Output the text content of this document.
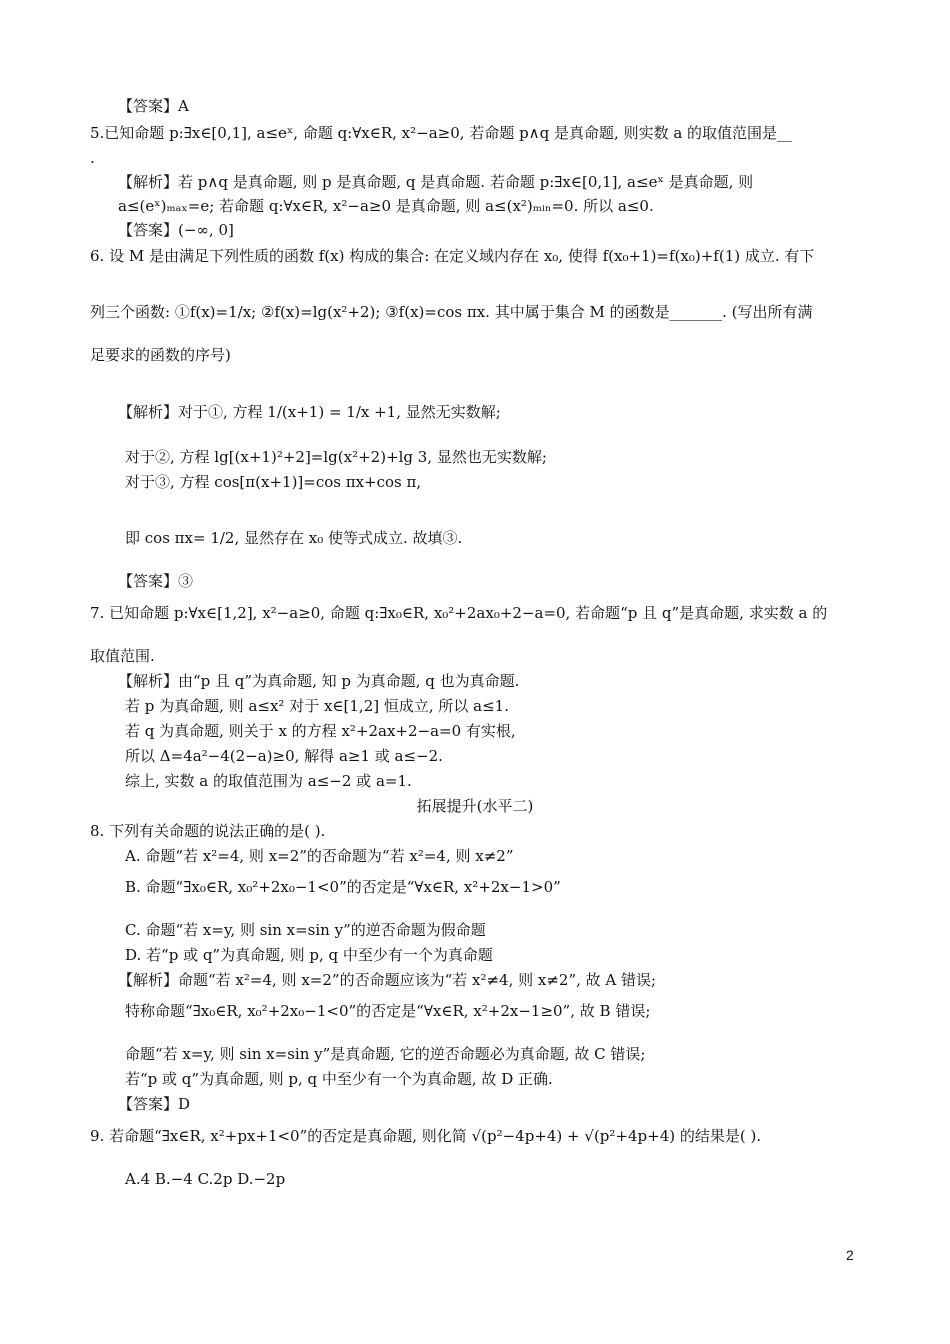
【答案】A
5.已知命题 p:∃x∈[0,1], a≤eˣ, 命题 q:∀x∈R, x²−a≥0, 若命题 p∧q 是真命题, 则实数 a 的取值范围是__
.
【解析】若 p∧q 是真命题, 则 p 是真命题, q 是真命题. 若命题 p:∃x∈[0,1], a≤eˣ 是真命题, 则
a≤(eˣ)ₘₐₓ=e; 若命题 q:∀x∈R, x²−a≥0 是真命题, 则 a≤(x²)ₘᵢₙ=0. 所以 a≤0.
【答案】(−∞, 0]
6. 设 M 是由满足下列性质的函数 f(x) 构成的集合: 在定义域内存在 x₀, 使得 f(x₀+1)=f(x₀)+f(1) 成立. 有下
列三个函数: ①f(x)=1/x; ②f(x)=lg(x²+2); ③f(x)=cos πx. 其中属于集合 M 的函数是_______. (写出所有满
足要求的函数的序号)
【解析】对于①, 方程 1/(x+1) = 1/x +1, 显然无实数解;
对于②, 方程 lg[(x+1)²+2]=lg(x²+2)+lg 3, 显然也无实数解;
对于③, 方程 cos[π(x+1)]=cos πx+cos π,
即 cos πx= 1/2, 显然存在 x₀ 使等式成立. 故填③.
【答案】③
7. 已知命题 p:∀x∈[1,2], x²−a≥0, 命题 q:∃x₀∈R, x₀²+2ax₀+2−a=0, 若命题“p 且 q”是真命题, 求实数 a 的
取值范围.
【解析】由“p 且 q”为真命题, 知 p 为真命题, q 也为真命题.
若 p 为真命题, 则 a≤x² 对于 x∈[1,2] 恒成立, 所以 a≤1.
若 q 为真命题, 则关于 x 的方程 x²+2ax+2−a=0 有实根,
所以 Δ=4a²−4(2−a)≥0, 解得 a≥1 或 a≤−2.
综上, 实数 a 的取值范围为 a≤−2 或 a=1.
8. 下列有关命题的说法正确的是( ).
A. 命题“若 x²=4, 则 x=2”的否命题为“若 x²=4, 则 x≠2”
B. 命题“∃x₀∈R, x₀²+2x₀−1<0”的否定是“∀x∈R, x²+2x−1>0”
C. 命题“若 x=y, 则 sin x=sin y”的逆否命题为假命题
D. 若“p 或 q”为真命题, 则 p, q 中至少有一个为真命题
【解析】命题“若 x²=4, 则 x=2”的否命题应该为“若 x²≠4, 则 x≠2”, 故 A 错误;
特称命题“∃x₀∈R, x₀²+2x₀−1<0”的否定是“∀x∈R, x²+2x−1≥0”, 故 B 错误;
命题“若 x=y, 则 sin x=sin y”是真命题, 它的逆否命题必为真命题, 故 C 错误;
若“p 或 q”为真命题, 则 p, q 中至少有一个为真命题, 故 D 正确.
【答案】D
9. 若命题“∃x∈R, x²+px+1<0”的否定是真命题, 则化简 √(p²−4p+4) + √(p²+4p+4) 的结果是( ).
A.4 B.−4 C.2p D.−2p
拓展提升(水平二)
2
